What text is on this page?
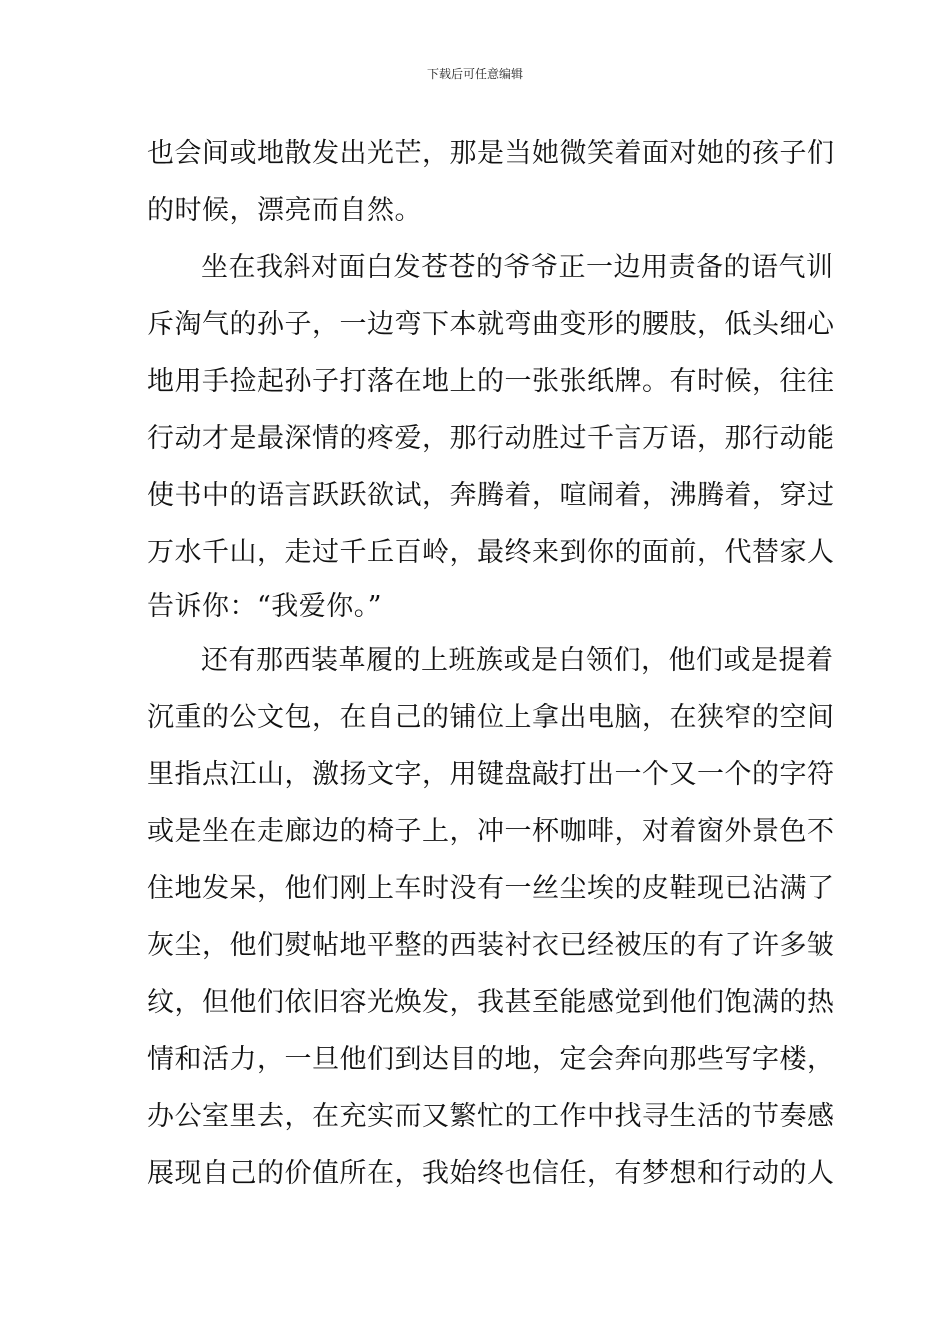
下载后可任意编辑
也会间或地散发出光芒，那是当她微笑着面对她的孩子们
的时候，漂亮而自然。
坐在我斜对面白发苍苍的爷爷正一边用责备的语气训
斥淘气的孙子，一边弯下本就弯曲变形的腰肢，低头细心
地用手捡起孙子打落在地上的一张张纸牌。有时候，往往
行动才是最深情的疼爱，那行动胜过千言万语，那行动能
使书中的语言跃跃欲试，奔腾着，喧闹着，沸腾着，穿过
万水千山，走过千丘百岭，最终来到你的面前，代替家人
告诉你：“我爱你。”
还有那西装革履的上班族或是白领们，他们或是提着
沉重的公文包，在自己的铺位上拿出电脑，在狭窄的空间
里指点江山，激扬文字，用键盘敲打出一个又一个的字符
或是坐在走廊边的椅子上，冲一杯咖啡，对着窗外景色不
住地发呆，他们刚上车时没有一丝尘埃的皮鞋现已沾满了
灰尘，他们熨帖地平整的西装衬衣已经被压的有了许多皱
纹，但他们依旧容光焕发，我甚至能感觉到他们饱满的热
情和活力，一旦他们到达目的地，定会奔向那些写字楼，
办公室里去，在充实而又繁忙的工作中找寻生活的节奏感
展现自己的价值所在，我始终也信任，有梦想和行动的人
